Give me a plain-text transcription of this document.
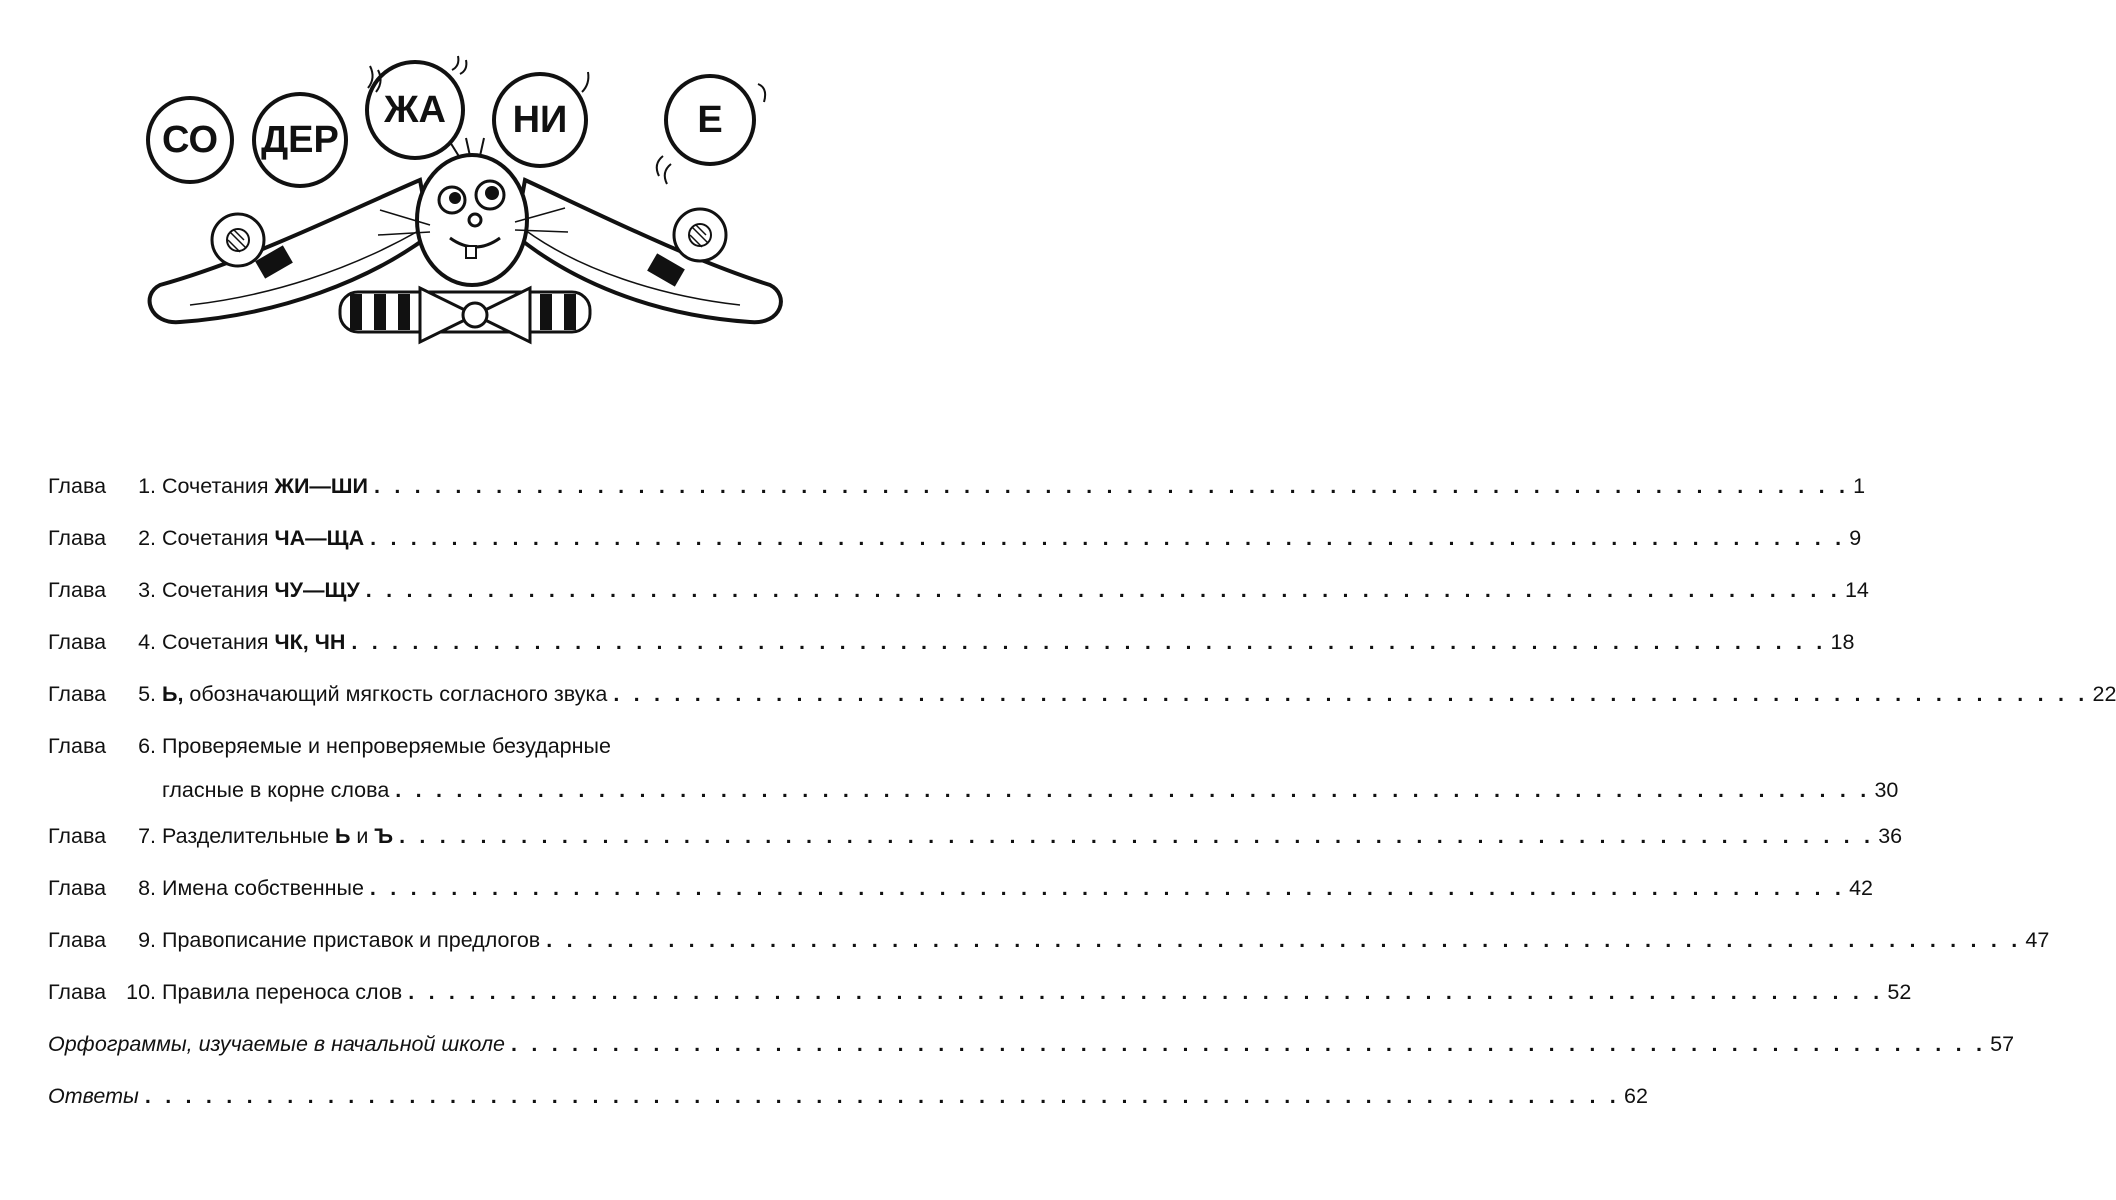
СО ДЕР
ЖА НИ	Е
Глава	1. Сочетания ЖИ—ШИ . . . . . . . . . . . . . . . . . . . . . . . . . . . . . . . . . . . . . . . . . . . . . . . . . . . . . . . . . . . . . . . . . . . . . . . . . 1
Глава	2. Сочетания ЧА—ЩА . . . . . . . . . . . . . . . . . . . . . . . . . . . . . . . . . . . . . . . . . . . . . . . . . . . . . . . . . . . . . . . . . . . . . . . . . 9
Глава	3. Сочетания ЧУ—ЩУ . . . . . . . . . . . . . . . . . . . . . . . . . . . . . . . . . . . . . . . . . . . . . . . . . . . . . . . . . . . . . . . . . . . . . . . . . 14
Глава	4. Сочетания ЧК, ЧН . . . . . . . . . . . . . . . . . . . . . . . . . . . . . . . . . . . . . . . . . . . . . . . . . . . . . . . . . . . . . . . . . . . . . . . . . 18
Глава	5. Ь, обозначающий мягкость согласного звука . . . . . . . . . . . . . . . . . . . . . . . . . . . . . . . . . . . . . . . . . . . . . . . . . . . . . . . . . . . . . . . . . . . . . . . . . 22
Глава	6. Проверяемые и непроверяемые безударные
гласные в корне слова . . . . . . . . . . . . . . . . . . . . . . . . . . . . . . . . . . . . . . . . . . . . . . . . . . . . . . . . . . . . . . . . . . . . . . . . . 30
Глава	7. Разделительные Ь и Ъ . . . . . . . . . . . . . . . . . . . . . . . . . . . . . . . . . . . . . . . . . . . . . . . . . . . . . . . . . . . . . . . . . . . . . . . . . 36
Глава	8. Имена собственные . . . . . . . . . . . . . . . . . . . . . . . . . . . . . . . . . . . . . . . . . . . . . . . . . . . . . . . . . . . . . . . . . . . . . . . . . 42
Глава	9. Правописание приставок и предлогов . . . . . . . . . . . . . . . . . . . . . . . . . . . . . . . . . . . . . . . . . . . . . . . . . . . . . . . . . . . . . . . . . . . . . . . . . 47
Глава 10. Правила переноса слов . . . . . . . . . . . . . . . . . . . . . . . . . . . . . . . . . . . . . . . . . . . . . . . . . . . . . . . . . . . . . . . . . . . . . . . . . 52
Орфограммы, изучаемые в начальной школе . . . . . . . . . . . . . . . . . . . . . . . . . . . . . . . . . . . . . . . . . . . . . . . . . . . . . . . . . . . . . . . . . . . . . . . . . 57
Ответы . . . . . . . . . . . . . . . . . . . . . . . . . . . . . . . . . . . . . . . . . . . . . . . . . . . . . . . . . . . . . . . . . . . . . . . . . 62
